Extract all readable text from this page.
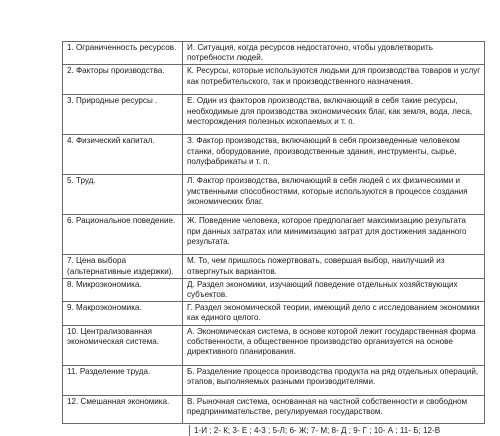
1. Ограниченность ресурсов.	И. Ситуация, когда ресурсов недостаточно, чтобы удовлетворить потребности людей.
2. Факторы производства.	К. Ресурсы, которые используются людьми для производства товаров и услуг как потребительского, так и производственного назначения.
3. Природные ресурсы .	Е. Один из факторов производства, включающий в себя такие ресурсы, необходимые для производства экономических благ, как земля, вода, леса, месторождения полезных ископаемых и т. п.
4. Физический капитал.	З. Фактор производства, включающий в себя произведенные человеком станки, оборудование, производственные здания, инструменты, сырье, полуфабрикаты и т. п.
5. Труд.	Л. Фактор производства, включающий в себя людей с их физическими и умственными способностями, которые используются в процессе создания экономических благ.
6. Рациональное поведение.	Ж. Поведение человека, которое предполагает максимизацию результата при данных затратах или минимизацию затрат для достижения заданного результата.
7. Цена выбора (альтернативные издержки).	М. То, чем пришлось пожертвовать, совершая выбор, наилучший из отвергнутых вариантов.
8. Микроэкономика.	Д. Раздел экономики, изучающий поведение отдельных хозяйствующих субъектов.
9. Макроэкономика.	Г. Раздел экономической теории, имеющий дело с исследованием экономики как единого целого.
10. Централизованная экономическая система.	А. Экономическая система, в основе которой лежит государственная форма собственности, а общественное производство организуется на основе директивного планирования.
11. Разделение труда.	Б. Разделение процесса производства продукта на ряд отдельных операций, этапов, выполняемых разными производителями.
12. Смешанная экономика.	В. Рыночная система, основанная на частной собственности и свободном предпринимательстве, регулируемая государством.
1-И ; 2- К; 3- Е ; 4-3 ; 5-Л; 6- Ж; 7- М; 8- Д ; 9- Г ; 10- А ; 11- Б; 12-В
